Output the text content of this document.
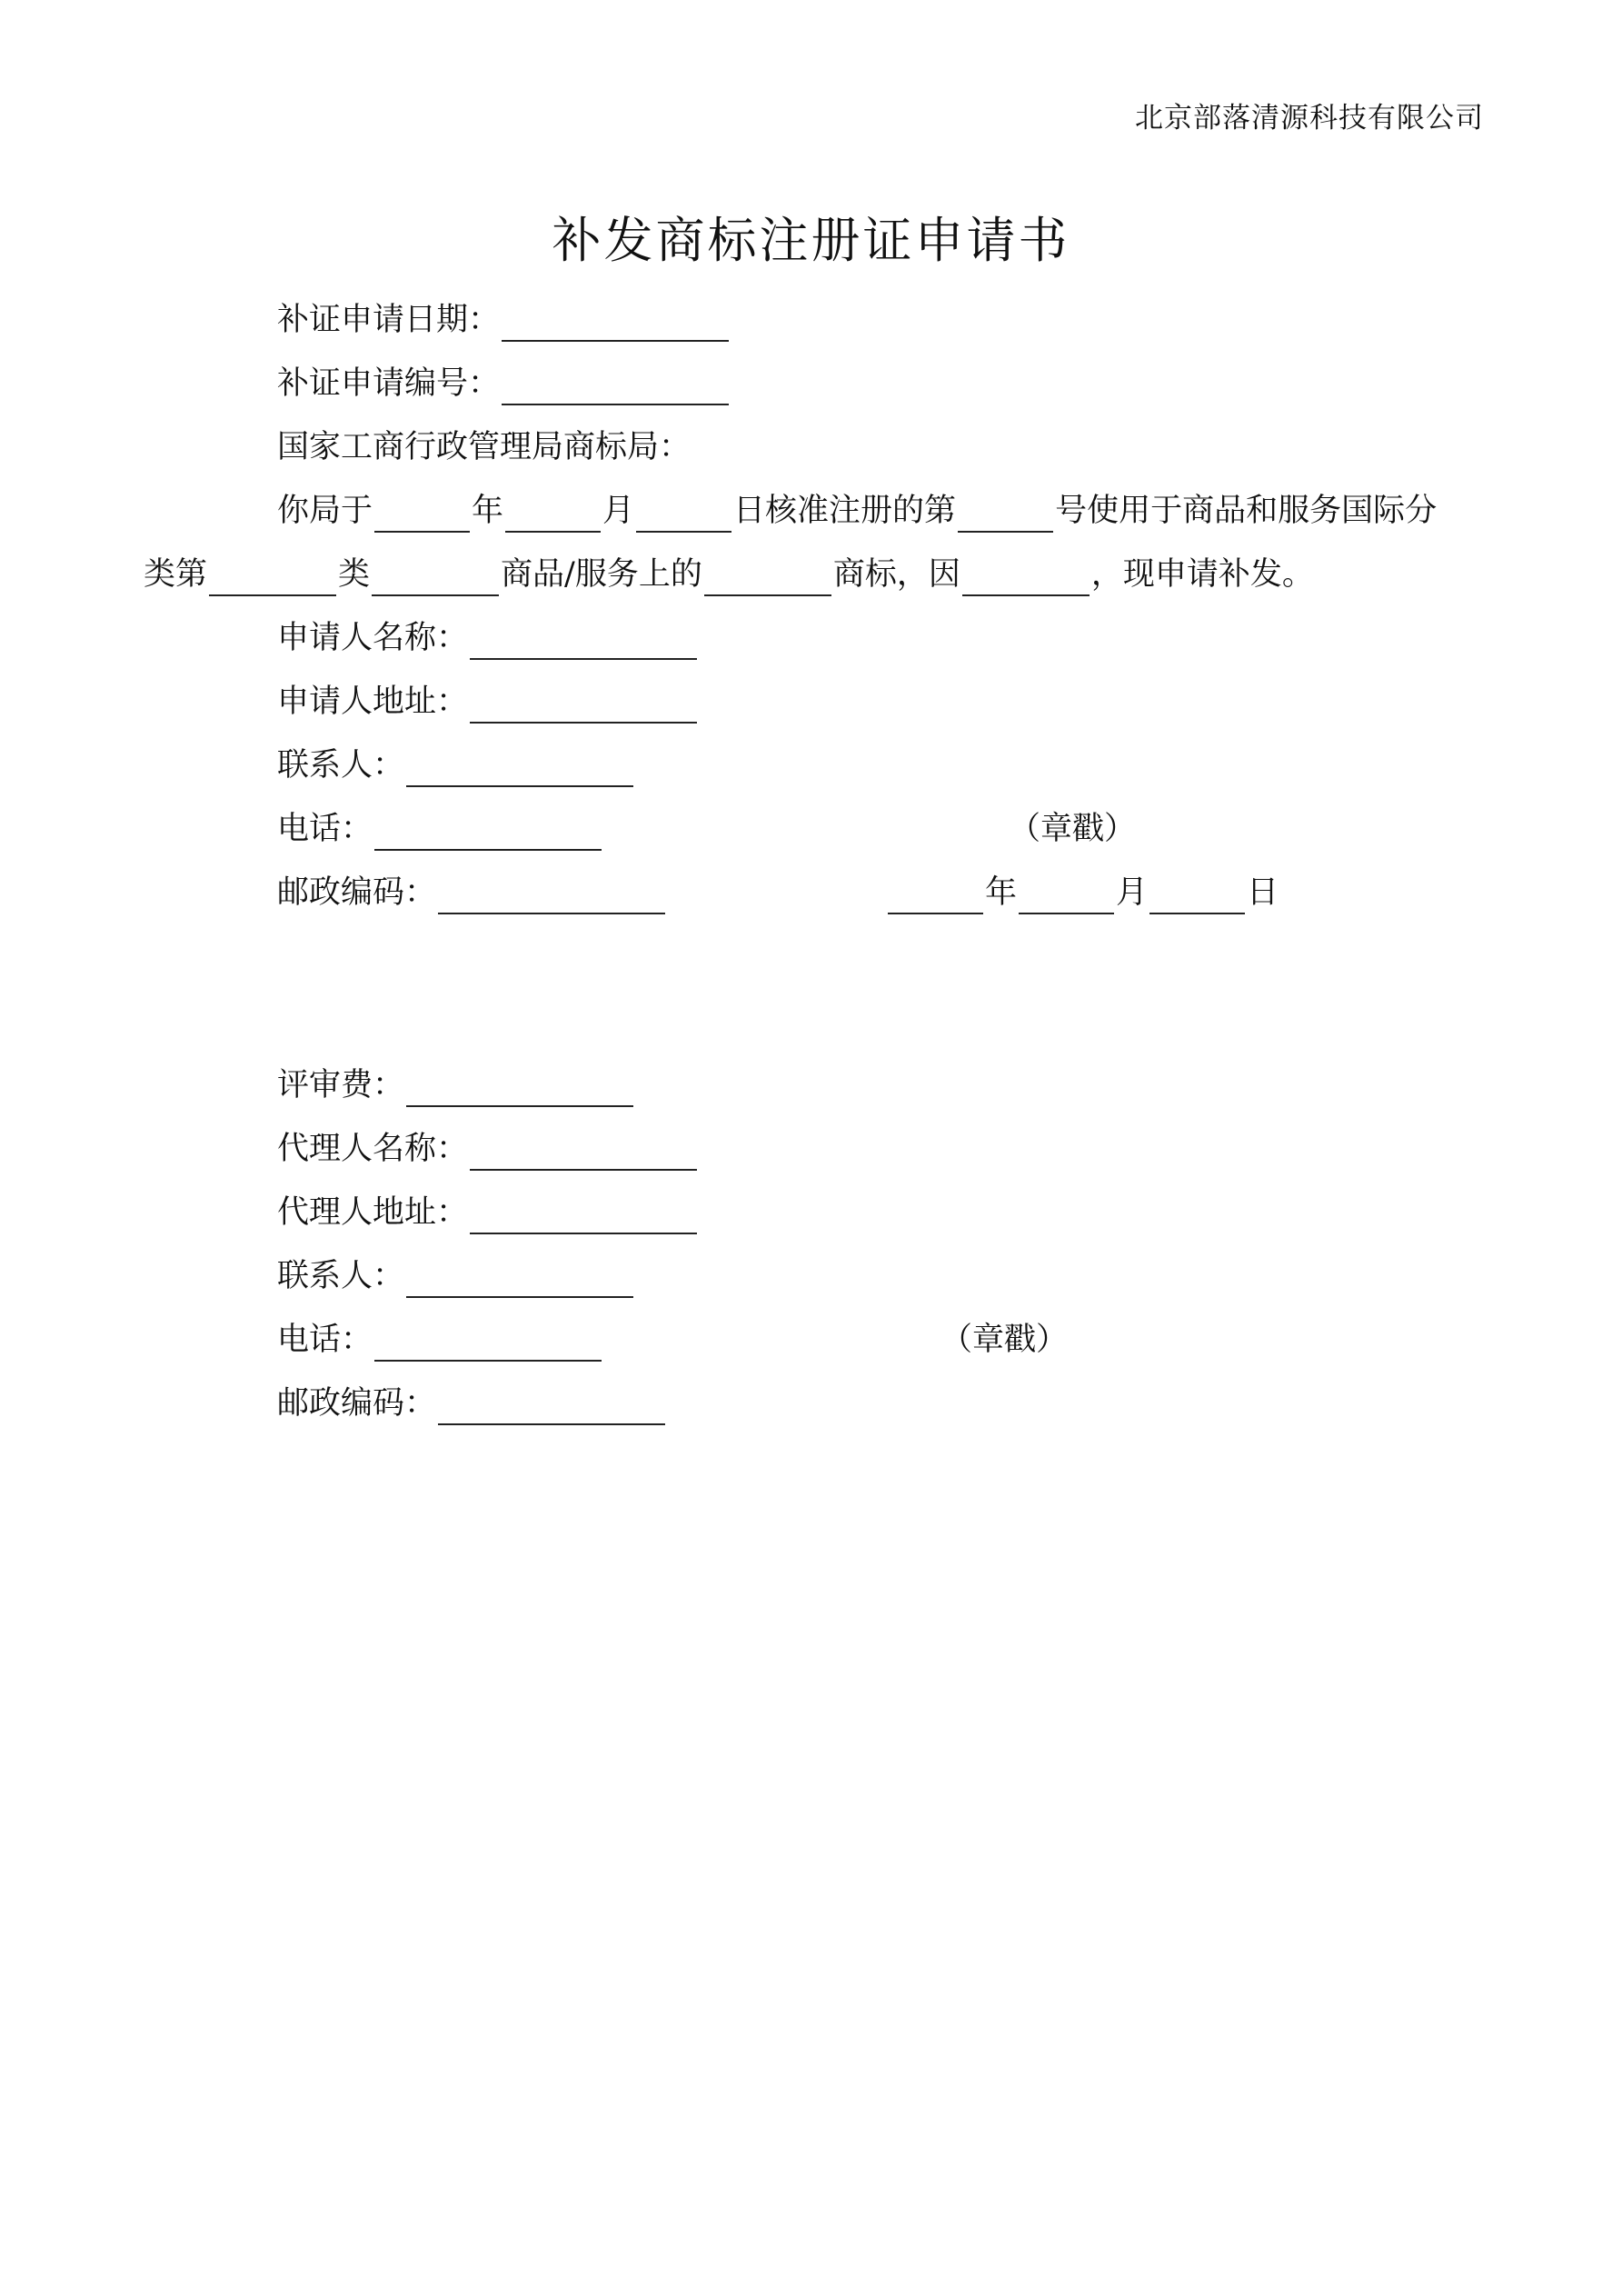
北京部落清源科技有限公司
补发商标注册证申请书
补证申请日期：
补证申请编号：
国家工商行政管理局商标局：
你局于	年	月	日核准注册的第	号使用于商品和服务国际分
类第	类	商品/服务上的	商标，因	，现申请补发。
申请人名称：
申请人地址：
联系人：
电话：	（章戳）
邮政编码：	年	月	日
评审费：
代理人名称：
代理人地址：
联系人：
电话：	（章戳）
邮政编码：
